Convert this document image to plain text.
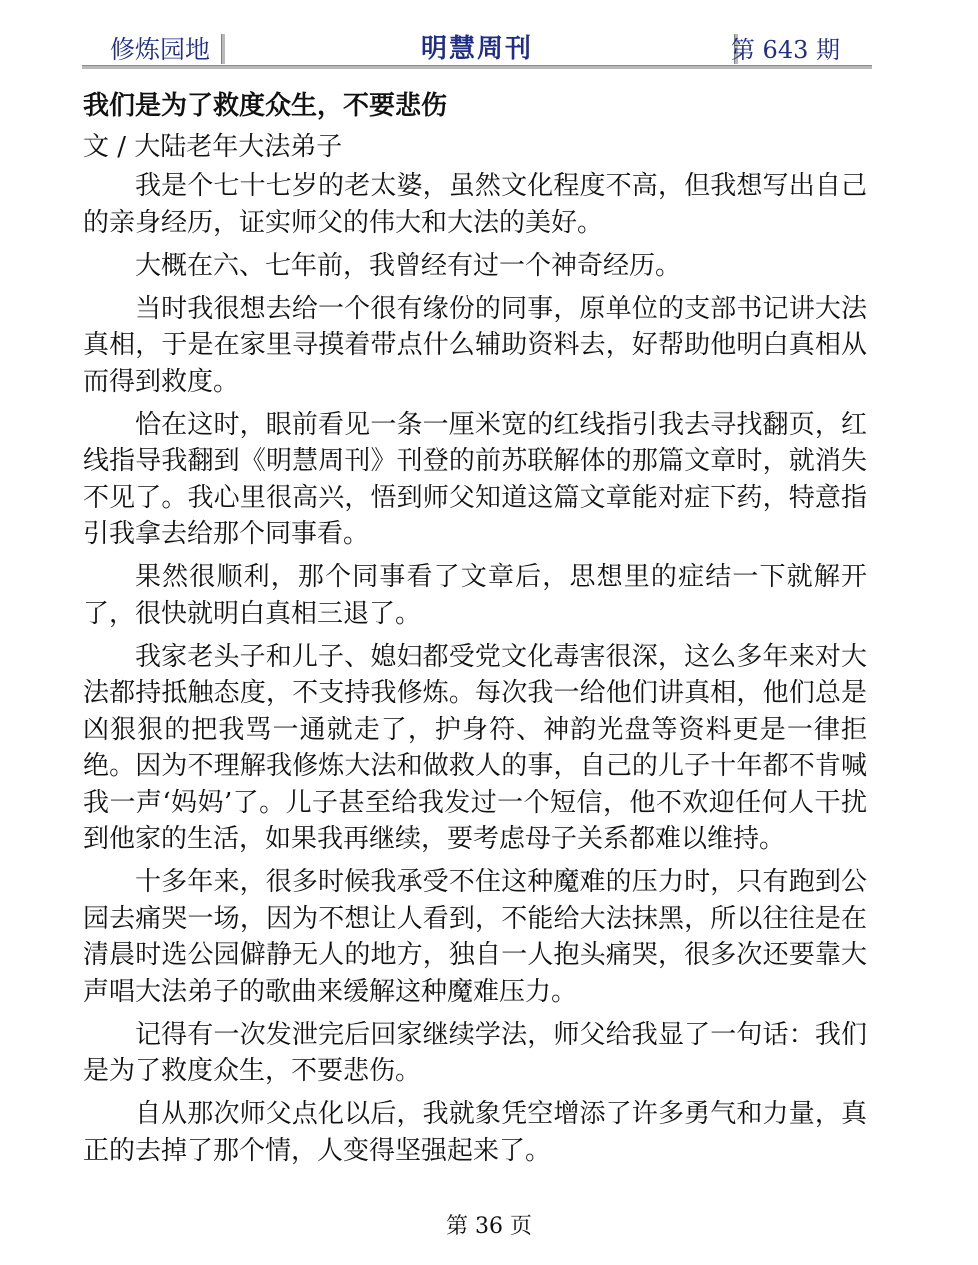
修炼园地	明慧周刊	第 643 期
我们是为了救度众生，不要悲伤
文 / 大陆老年大法弟子

我是个七十七岁的老太婆，虽然文化程度不高，但我想写出自己的亲身经历，证实师父的伟大和大法的美好。

大概在六、七年前，我曾经有过一个神奇经历。

当时我很想去给一个很有缘份的同事，原单位的支部书记讲大法真相，于是在家里寻摸着带点什么辅助资料去，好帮助他明白真相从而得到救度。

恰在这时，眼前看见一条一厘米宽的红线指引我去寻找翻页，红线指导我翻到《明慧周刊》刊登的前苏联解体的那篇文章时，就消失不见了。我心里很高兴，悟到师父知道这篇文章能对症下药，特意指引我拿去给那个同事看。

果然很顺利，那个同事看了文章后，思想里的症结一下就解开了，很快就明白真相三退了。

我家老头子和儿子、媳妇都受党文化毒害很深，这么多年来对大法都持抵触态度，不支持我修炼。每次我一给他们讲真相，他们总是凶狠狠的把我骂一通就走了，护身符、神韵光盘等资料更是一律拒绝。因为不理解我修炼大法和做救人的事，自己的儿子十年都不肯喊我一声‘妈妈’了。儿子甚至给我发过一个短信，他不欢迎任何人干扰到他家的生活，如果我再继续，要考虑母子关系都难以维持。

十多年来，很多时候我承受不住这种魔难的压力时，只有跑到公园去痛哭一场，因为不想让人看到，不能给大法抹黑，所以往往是在清晨时选公园僻静无人的地方，独自一人抱头痛哭，很多次还要靠大声唱大法弟子的歌曲来缓解这种魔难压力。

记得有一次发泄完后回家继续学法，师父给我显了一句话：我们是为了救度众生，不要悲伤。

自从那次师父点化以后，我就象凭空增添了许多勇气和力量，真正的去掉了那个情，人变得坚强起来了。

第 36 页
